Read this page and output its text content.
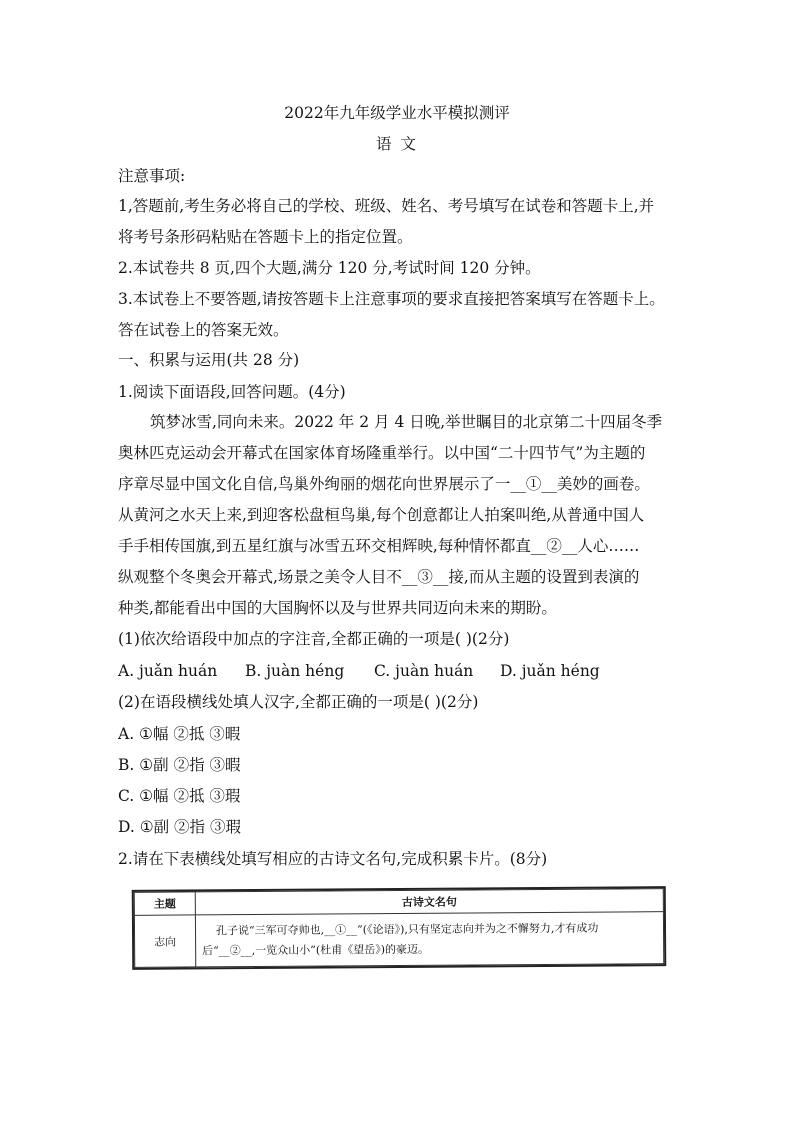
2022年九年级学业水平模拟测评
语 文
注意事项:
1,答题前,考生务必将自己的学校、班级、姓名、考号填写在试卷和答题卡上,并
将考号条形码粘贴在答题卡上的指定位置。
2.本试卷共 8 页,四个大题,满分 120 分,考试时间 120 分钟。
3.本试卷上不要答题,请按答题卡上注意事项的要求直接把答案填写在答题卡上。
答在试卷上的答案无效。
一、积累与运用(共 28 分)
1.阅读下面语段,回答问题。(4分)
筑梦冰雪,同向未来。2022 年 2 月 4 日晚,举世瞩目的北京第二十四届冬季
奥林匹克运动会开幕式在国家体育场隆重举行。以中国“二十四节气”为主题的
序章尽显中国文化自信,鸟巢外绚丽的烟花向世界展示了一__①__美妙的画卷。
从黄河之水天上来,到迎客松盘桓鸟巢,每个创意都让人拍案叫绝,从普通中国人
手手相传国旗,到五星红旗与冰雪五环交相辉映,每种情怀都直__②__人心……
纵观整个冬奥会开幕式,场景之美令人目不__③__接,而从主题的设置到表演的
种类,都能看出中国的大国胸怀以及与世界共同迈向未来的期盼。
(1)依次给语段中加点的字注音,全都正确的一项是( )(2分)
A. juǎn huán B. juàn héng C. juàn huán D. juǎn héng
(2)在语段横线处填人汉字,全都正确的一项是( )(2分)
A. ①幅 ②抵 ③暇
B. ①副 ②指 ③暇
C. ①幅 ②抵 ③瑕
D. ①副 ②指 ③瑕
2.请在下表横线处填写相应的古诗文名句,完成积累卡片。(8分)
主题	古诗文名句
志向	孔子说“三军可夺帅也,__①__”(《论语》),只有坚定志向并为之不懈努力,才有成功
后“__②__,一览众山小”(杜甫《望岳》)的豪迈。
